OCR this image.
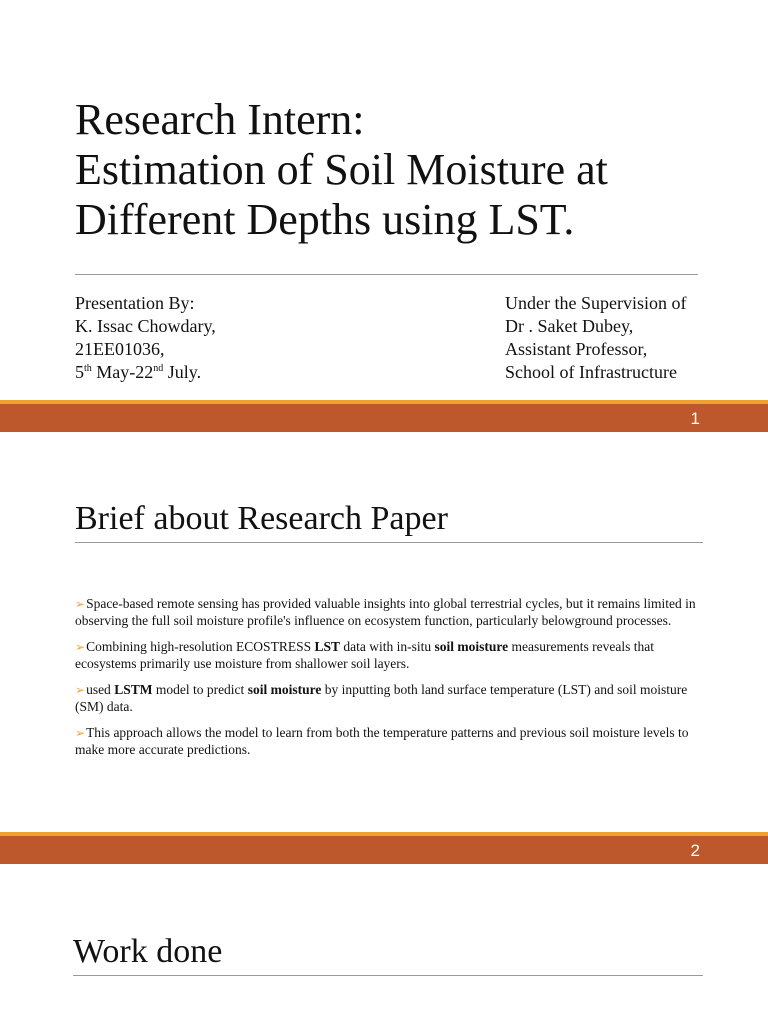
Research Intern:
Estimation of Soil Moisture at
Different Depths using LST.
Presentation By:
K. Issac Chowdary,
21EE01036,
5th May-22nd July.
Under the Supervision of
Dr . Saket Dubey,
Assistant Professor,
School of Infrastructure
1
Brief about Research Paper
➢Space-based remote sensing has provided valuable insights into global terrestrial cycles, but it remains limited in observing the full soil moisture profile's influence on ecosystem function, particularly belowground processes.
➢Combining high-resolution ECOSTRESS LST data with in-situ soil moisture measurements reveals that ecosystems primarily use moisture from shallower soil layers.
➢used LSTM model to predict soil moisture by inputting both land surface temperature (LST) and soil moisture (SM) data.
➢This approach allows the model to learn from both the temperature patterns and previous soil moisture levels to make more accurate predictions.
2
Work done
